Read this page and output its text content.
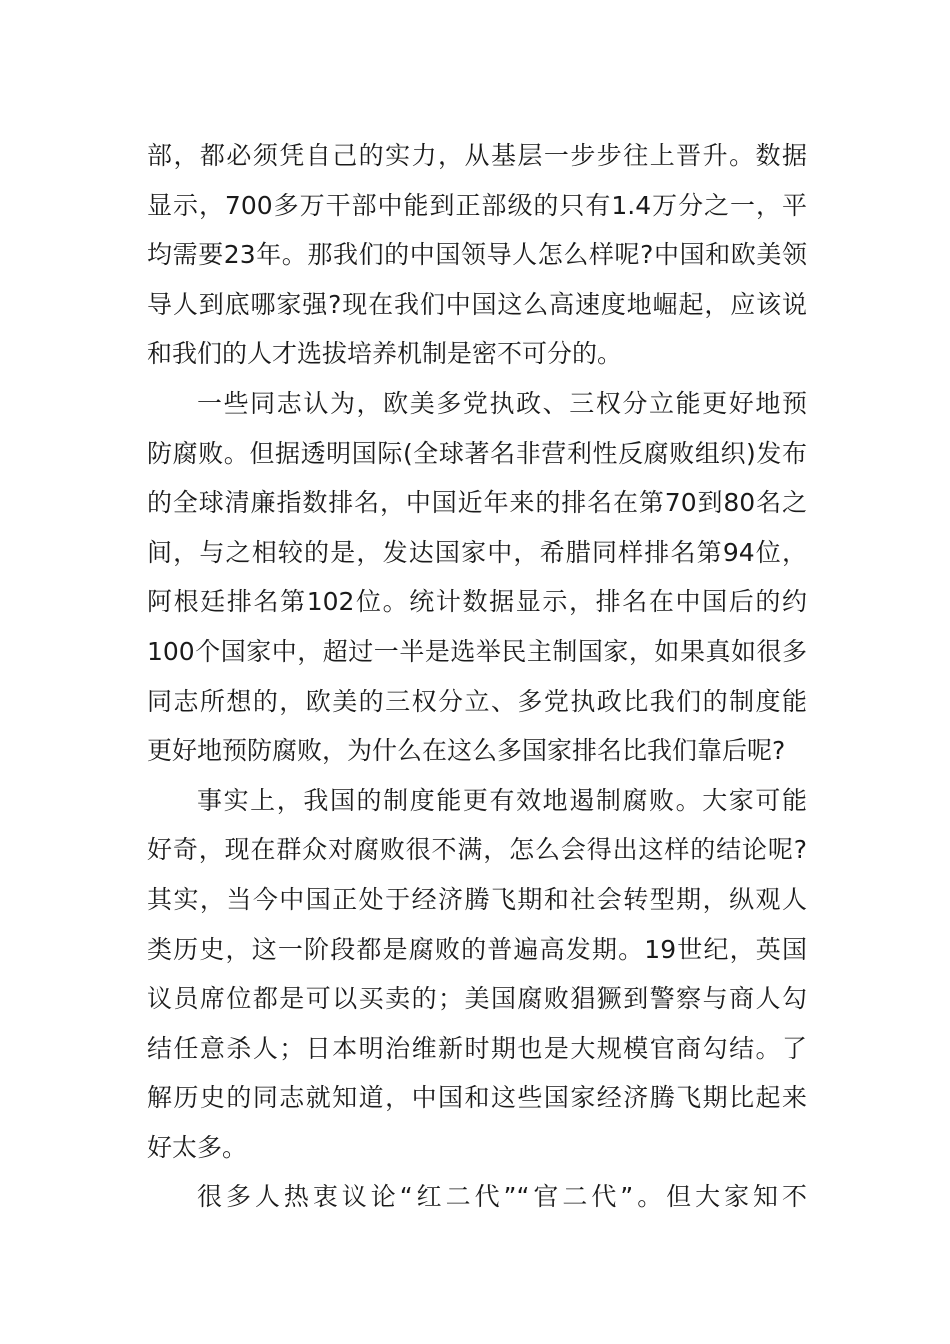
部，都必须凭自己的实力，从基层一步步往上晋升。数据
显示，700多万干部中能到正部级的只有1.4万分之一，平
均需要23年。那我们的中国领导人怎么样呢?中国和欧美领
导人到底哪家强?现在我们中国这么高速度地崛起，应该说
和我们的人才选拔培养机制是密不可分的。
一些同志认为，欧美多党执政、三权分立能更好地预
防腐败。但据透明国际(全球著名非营利性反腐败组织)发布
的全球清廉指数排名，中国近年来的排名在第70到80名之
间，与之相较的是，发达国家中，希腊同样排名第94位，
阿根廷排名第102位。统计数据显示，排名在中国后的约
100个国家中，超过一半是选举民主制国家，如果真如很多
同志所想的，欧美的三权分立、多党执政比我们的制度能
更好地预防腐败，为什么在这么多国家排名比我们靠后呢?
事实上，我国的制度能更有效地遏制腐败。大家可能
好奇，现在群众对腐败很不满，怎么会得出这样的结论呢?
其实，当今中国正处于经济腾飞期和社会转型期，纵观人
类历史，这一阶段都是腐败的普遍高发期。19世纪，英国
议员席位都是可以买卖的；美国腐败猖獗到警察与商人勾
结任意杀人；日本明治维新时期也是大规模官商勾结。了
解历史的同志就知道，中国和这些国家经济腾飞期比起来
好太多。
很多人热衷议论“红二代”“官二代”。但大家知不
